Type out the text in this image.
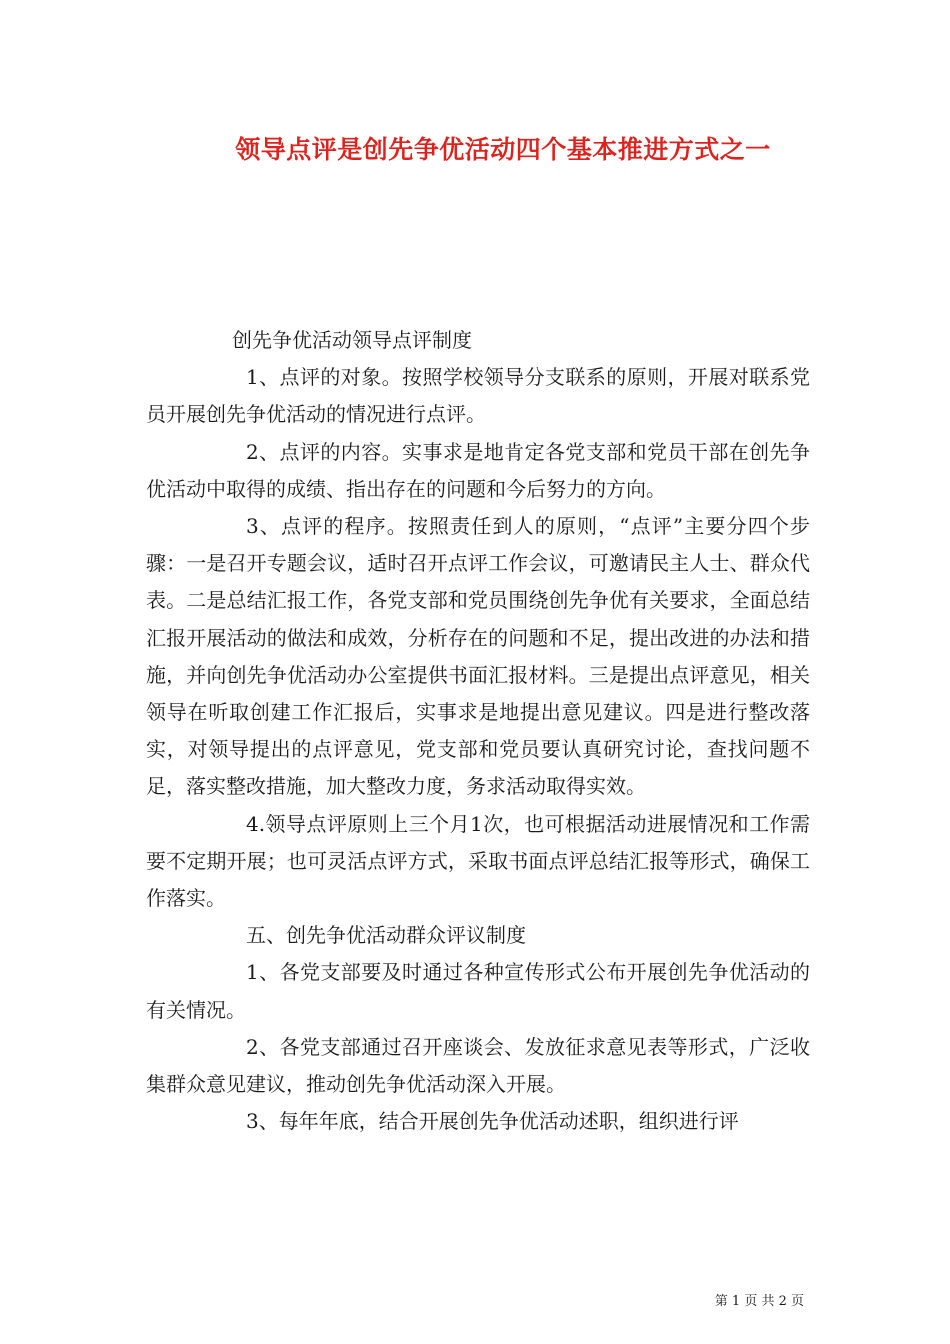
领导点评是创先争优活动四个基本推进方式之一

创先争优活动领导点评制度

1、点评的对象。按照学校领导分支联系的原则，开展对联系党员开展创先争优活动的情况进行点评。

2、点评的内容。实事求是地肯定各党支部和党员干部在创先争优活动中取得的成绩、指出存在的问题和今后努力的方向。

3、点评的程序。按照责任到人的原则，“点评”主要分四个步骤：一是召开专题会议，适时召开点评工作会议，可邀请民主人士、群众代表。二是总结汇报工作，各党支部和党员围绕创先争优有关要求，全面总结汇报开展活动的做法和成效，分析存在的问题和不足，提出改进的办法和措施，并向创先争优活动办公室提供书面汇报材料。三是提出点评意见，相关领导在听取创建工作汇报后，实事求是地提出意见建议。四是进行整改落实，对领导提出的点评意见，党支部和党员要认真研究讨论，查找问题不足，落实整改措施，加大整改力度，务求活动取得实效。

4.领导点评原则上三个月1次，也可根据活动进展情况和工作需要不定期开展；也可灵活点评方式，采取书面点评总结汇报等形式，确保工作落实。

五、创先争优活动群众评议制度

1、各党支部要及时通过各种宣传形式公布开展创先争优活动的有关情况。

2、各党支部通过召开座谈会、发放征求意见表等形式，广泛收集群众意见建议，推动创先争优活动深入开展。

3、每年年底，结合开展创先争优活动述职，组织进行评

第 1 页 共 2 页
